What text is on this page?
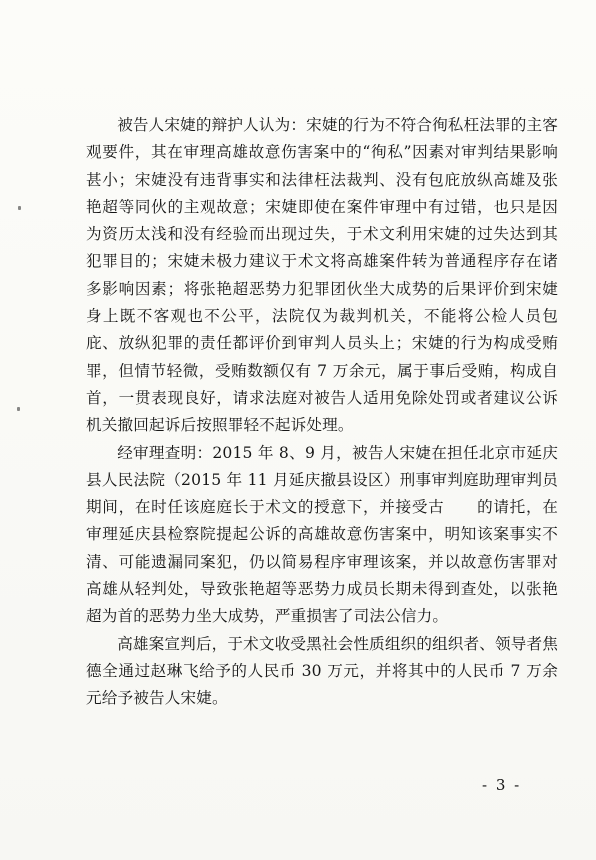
被告人宋婕的辩护人认为：宋婕的行为不符合徇私枉法罪的主客观要件，其在审理高雄故意伤害案中的“徇私”因素对审判结果影响甚小；宋婕没有违背事实和法律枉法裁判、没有包庇放纵高雄及张艳超等同伙的主观故意；宋婕即使在案件审理中有过错，也只是因为资历太浅和没有经验而出现过失，于术文利用宋婕的过失达到其犯罪目的；宋婕未极力建议于术文将高雄案件转为普通程序存在诸多影响因素；将张艳超恶势力犯罪团伙坐大成势的后果评价到宋婕身上既不客观也不公平，法院仅为裁判机关，不能将公检人员包庇、放纵犯罪的责任都评价到审判人员头上；宋婕的行为构成受贿罪，但情节轻微，受贿数额仅有 7 万余元，属于事后受贿，构成自首，一贯表现良好，请求法庭对被告人适用免除处罚或者建议公诉机关撤回起诉后按照罪轻不起诉处理。

经审理查明：2015 年 8、9 月，被告人宋婕在担任北京市延庆县人民法院（2015 年 11 月延庆撤县设区）刑事审判庭助理审判员期间，在时任该庭庭长于术文的授意下，并接受古　　的请托，在审理延庆县检察院提起公诉的高雄故意伤害案中，明知该案事实不清、可能遗漏同案犯，仍以简易程序审理该案，并以故意伤害罪对高雄从轻判处，导致张艳超等恶势力成员长期未得到查处，以张艳超为首的恶势力坐大成势，严重损害了司法公信力。

高雄案宣判后，于术文收受黑社会性质组织的组织者、领导者焦德全通过赵琳飞给予的人民币 30 万元，并将其中的人民币 7 万余元给予被告人宋婕。

- 3 -
